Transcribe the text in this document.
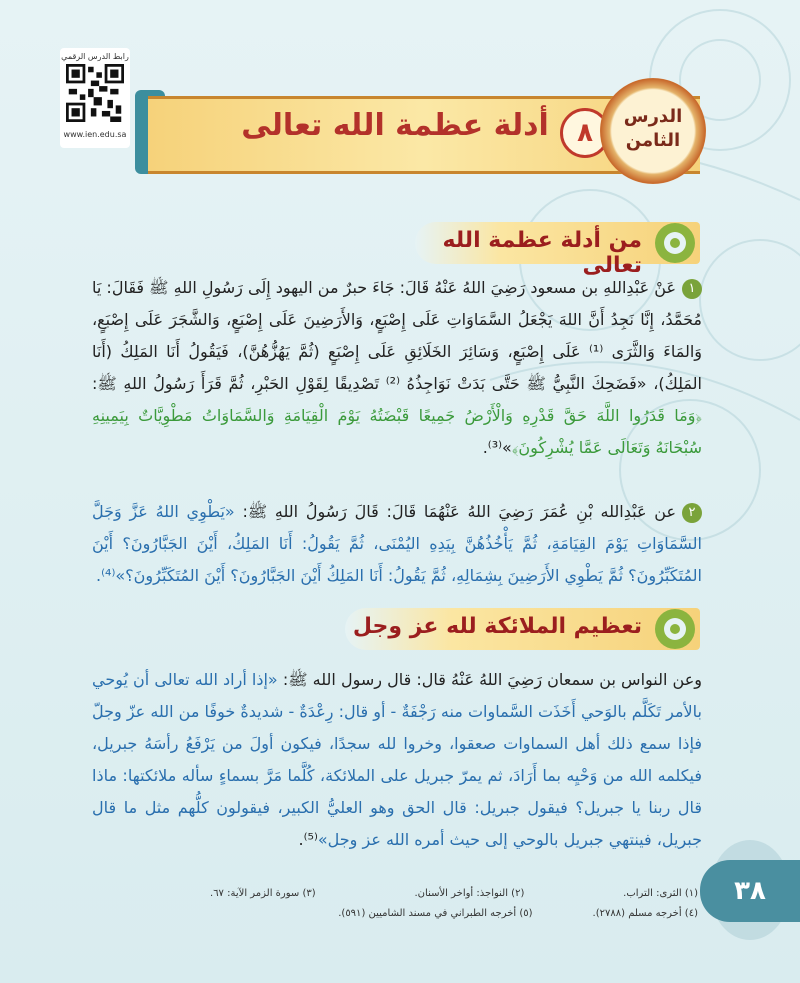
رابط الدرس الرقمي
www.ien.edu.sa	أدلة عظمة الله تعالى	٨
الدرس
الثامن
من أدلة عظمة الله تعالى
١عَنْ عَبْدِاللهِ بن مسعود رَضِيَ اللهُ عَنْهُ قَالَ: جَاءَ حبرٌ من اليهود إِلَى رَسُولِ اللهِ ﷺ فَقَالَ: يَا مُحَمَّدُ، إِنَّا نَجِدُ أَنَّ اللهَ يَجْعَلُ السَّمَاوَاتِ عَلَى إِصْبَعٍ، وَالأَرَضِينَ عَلَى إِصْبَعٍ، وَالشَّجَرَ عَلَى إِصْبَعٍ، وَالمَاءَ وَالثَّرَى ⁽¹⁾ عَلَى إِصْبَعٍ، وَسَائِرَ الخَلَائِقِ عَلَى إِصْبَعٍ (ثُمَّ يَهُزُّهُنَّ)، فَيَقُولُ أَنَا المَلِكُ (أَنَا المَلِكُ)، «فَضَحِكَ النَّبِيُّ ﷺ حَتَّى بَدَتْ نَوَاجِذُهُ ⁽²⁾ تَصْدِيقًا لِقَوْلِ الحَبْرِ، ثُمَّ قَرَأَ رَسُولُ اللهِ ﷺ: ﴿وَمَا قَدَرُوا اللَّهَ حَقَّ قَدْرِهِ وَالْأَرْضُ جَمِيعًا قَبْضَتُهُ يَوْمَ الْقِيَامَةِ وَالسَّمَاوَاتُ مَطْوِيَّاتٌ بِيَمِينِهِ سُبْحَانَهُ وَتَعَالَى عَمَّا يُشْرِكُونَ﴾»⁽³⁾.
٢عن عَبْدِالله بْنِ عُمَرَ رَضِيَ اللهُ عَنْهُمَا قَالَ: قَالَ رَسُولُ اللهِ ﷺ: «يَطْوِي اللهُ عَزَّ وَجَلَّ السَّمَاوَاتِ يَوْمَ القِيَامَةِ، ثُمَّ يَأْخُذُهُنَّ بِيَدِهِ اليُمْنَى، ثُمَّ يَقُولُ: أَنَا المَلِكُ، أَيْنَ الجَبَّارُونَ؟ أَيْنَ المُتَكَبِّرُونَ؟ ثُمَّ يَطْوِي الأَرَضِينَ بِشِمَالِهِ، ثُمَّ يَقُولُ: أَنَا المَلِكُ أَيْنَ الجَبَّارُونَ؟ أَيْنَ المُتَكَبِّرُونَ؟»⁽⁴⁾.
تعظيم الملائكة لله عز وجل
وعن النواس بن سمعان رَضِيَ اللهُ عَنْهُ قال: قال رسول الله ﷺ: «إذا أراد الله تعالى أن يُوحي بالأمر تَكَلَّم بالوَحي أَخَذَت السَّماوات منه رَجْفَةٌ - أو قال: رِعْدَةٌ - شديدةٌ خوفًا من الله عزّ وجلّ فإذا سمع ذلك أهل السماوات صعقوا، وخروا لله سجدًا، فيكون أولَ من يَرْفَعُ رأسَهُ جبريل، فيكلمه الله من وَحْيِه بما أَرَادَ، ثم يمرّ جبريل على الملائكة، كُلَّما مَرَّ بسماءٍ سأله ملائكتها: ماذا قال ربنا يا جبريل؟ فيقول جبريل: قال الحق وهو العليُّ الكبير، فيقولون كلُّهم مثل ما قال جبريل، فينتهي جبريل بالوحي إلى حيث أمره الله عز وجل»⁽⁵⁾.
(١) الثرى: التراب.
(٢) النواجذ: أواخر الأسنان.
(٣) سورة الزمر الآية: ٦٧.
(٤) أخرجه مسلم (٢٧٨٨).
(٥) أخرجه الطبراني في مسند الشاميين (٥٩١).
٣٨
